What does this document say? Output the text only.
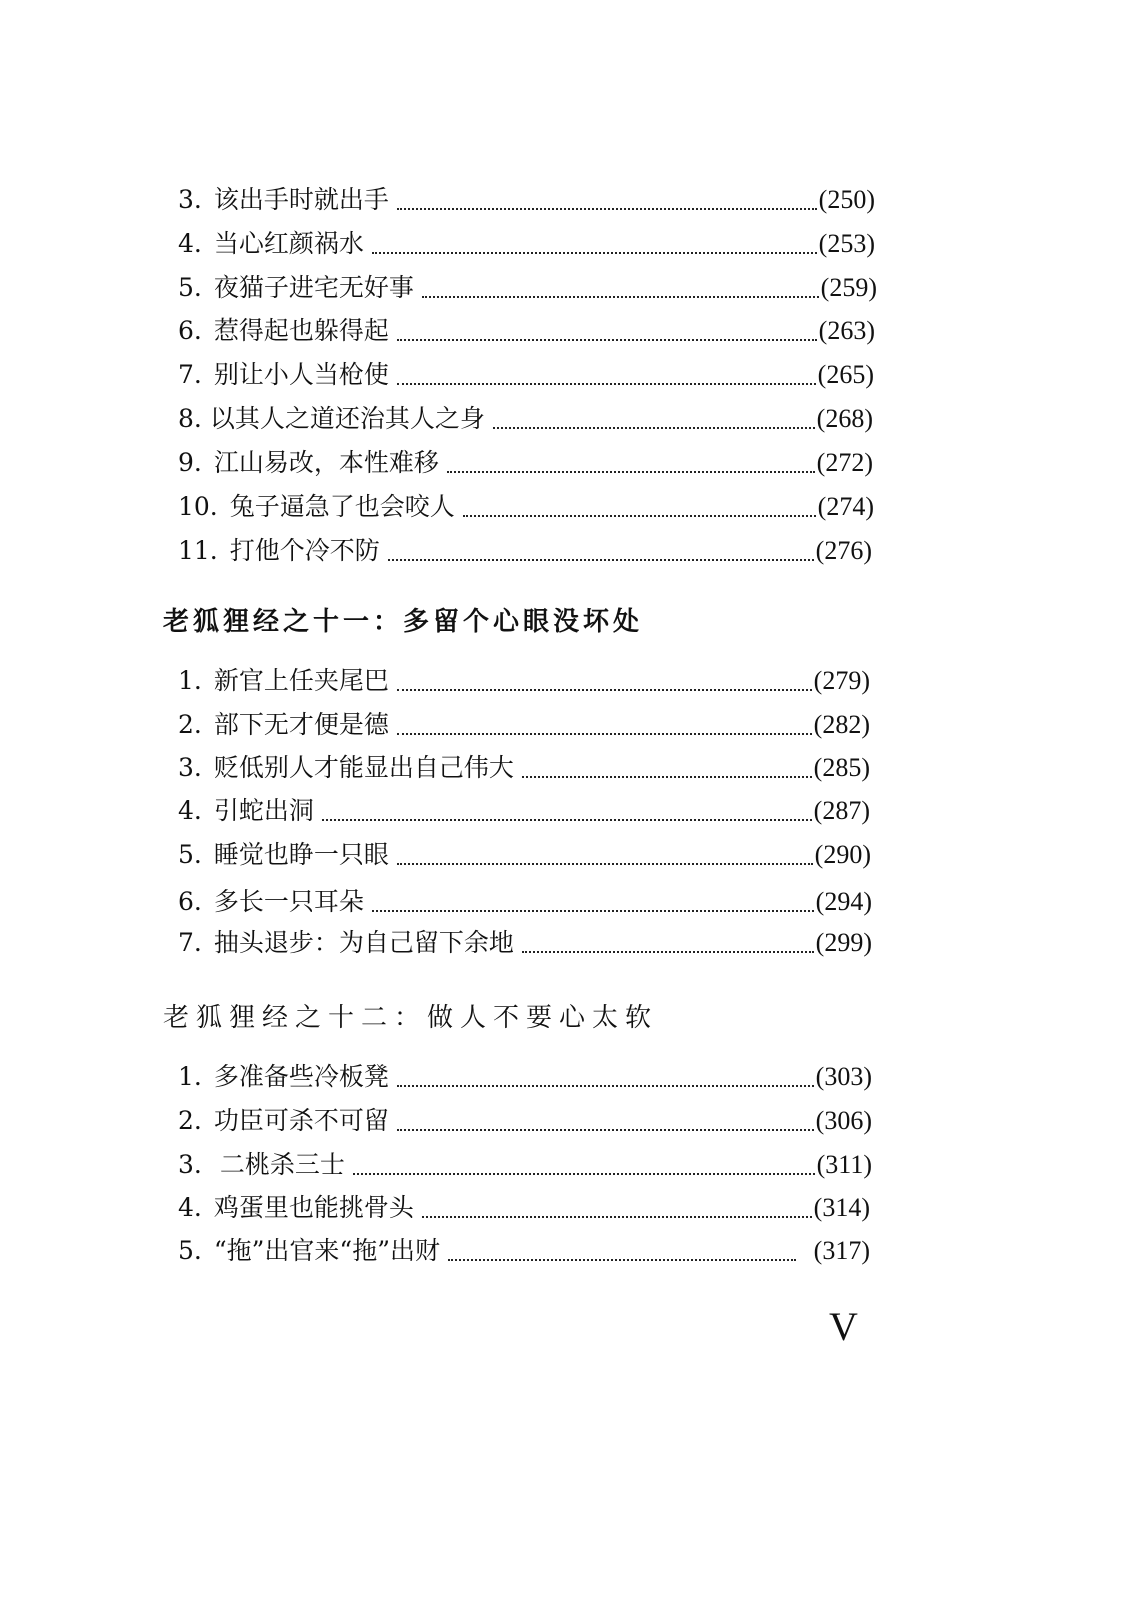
3. 该出手时就出手	(250)
4. 当心红颜祸水	(253)
5. 夜猫子进宅无好事	(259)
6. 惹得起也躲得起	(263)
7. 别让小人当枪使	(265)
8. 以其人之道还治其人之身	(268)
9. 江山易改，本性难移	(272)
10. 兔子逼急了也会咬人	(274)
11. 打他个冷不防	(276)
老狐狸经之十一：多留个心眼没坏处
1. 新官上任夹尾巴	(279)
2. 部下无才便是德	(282)
3. 贬低别人才能显出自己伟大	(285)
4. 引蛇出洞	(287)
5. 睡觉也睁一只眼	(290)
6. 多长一只耳朵	(294)
7. 抽头退步：为自己留下余地	(299)
老狐狸经之十二：做人不要心太软
1. 多准备些冷板凳	(303)
2. 功臣可杀不可留	(306)
3. 二桃杀三士	(311)
4. 鸡蛋里也能挑骨头	(314)
5. “拖”出官来“拖”出财	(317)
V
